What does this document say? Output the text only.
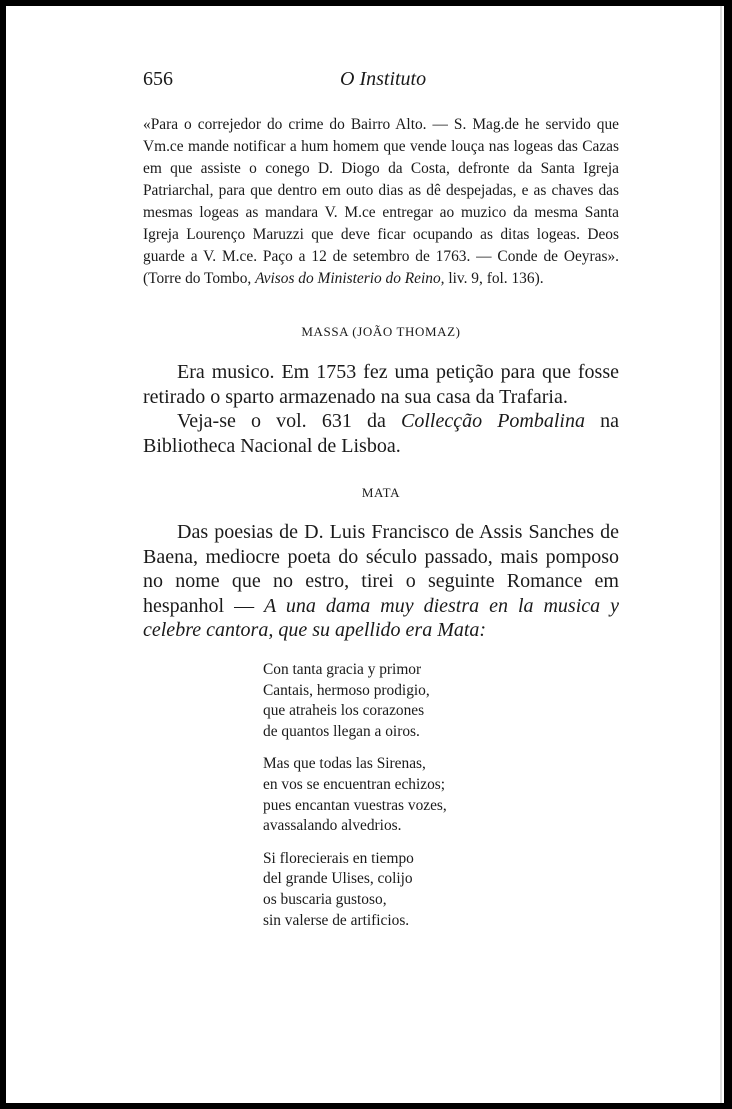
656	O Instituto

«Para o correjedor do crime do Bairro Alto. — S. Mag.de he servido que Vm.ce mande notificar a hum homem que vende louça nas logeas das Cazas em que assiste o conego D. Diogo da Costa, defronte da Santa Igreja Patriarchal, para que dentro em outo dias as dê despejadas, e as chaves das mesmas logeas as mandara V. M.ce entregar ao muzico da mesma Santa Igreja Lourenço Maruzzi que deve ficar ocupando as ditas logeas. Deos guarde a V. M.ce. Paço a 12 de setembro de 1763. — Conde de Oeyras». (Torre do Tombo, Avisos do Ministerio do Reino, liv. 9, fol. 136).

MASSA (JOÃO THOMAZ)

Era musico. Em 1753 fez uma petição para que fosse retirado o sparto armazenado na sua casa da Trafaria.

Veja-se o vol. 631 da Collecção Pombalina na Bibliotheca Nacional de Lisboa.

MATA

Das poesias de D. Luis Francisco de Assis Sanches de Baena, mediocre poeta do século passado, mais pomposo no nome que no estro, tirei o seguinte Romance em hespanhol — A una dama muy diestra en la musica y celebre cantora, que su apellido era Mata:

Con tanta gracia y primor
Cantais, hermoso prodigio,
que atraheis los corazones
de quantos llegan a oiros.
Mas que todas las Sirenas,
en vos se encuentran echizos;
pues encantan vuestras vozes,
avassalando alvedrios.
Si florecierais en tiempo
del grande Ulises, colijo
os buscaria gustoso,
sin valerse de artificios.
